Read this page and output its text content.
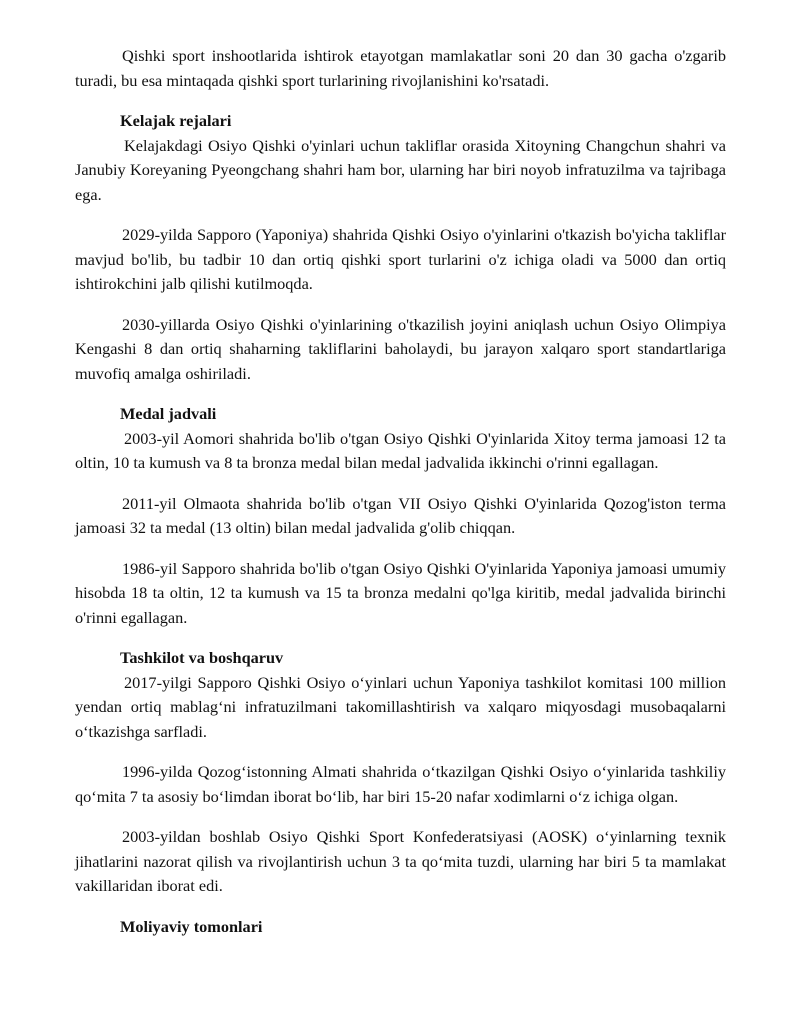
Qishki sport inshootlarida ishtirok etayotgan mamlakatlar soni 20 dan 30 gacha o'zgarib turadi, bu esa mintaqada qishki sport turlarining rivojlanishini ko'rsatadi.

Kelajak rejalari

Kelajakdagi Osiyo Qishki o'yinlari uchun takliflar orasida Xitoyning Changchun shahri va Janubiy Koreyaning Pyeongchang shahri ham bor, ularning har biri noyob infratuzilma va tajribaga ega.

2029-yilda Sapporo (Yaponiya) shahrida Qishki Osiyo o'yinlarini o'tkazish bo'yicha takliflar mavjud bo'lib, bu tadbir 10 dan ortiq qishki sport turlarini o'z ichiga oladi va 5000 dan ortiq ishtirokchini jalb qilishi kutilmoqda.

2030-yillarda Osiyo Qishki o'yinlarining o'tkazilish joyini aniqlash uchun Osiyo Olimpiya Kengashi 8 dan ortiq shaharning takliflarini baholaydi, bu jarayon xalqaro sport standartlariga muvofiq amalga oshiriladi.

Medal jadvali

2003-yil Aomori shahrida bo'lib o'tgan Osiyo Qishki O'yinlarida Xitoy terma jamoasi 12 ta oltin, 10 ta kumush va 8 ta bronza medal bilan medal jadvalida ikkinchi o'rinni egallagan.

2011-yil Olmaota shahrida bo'lib o'tgan VII Osiyo Qishki O'yinlarida Qozog'iston terma jamoasi 32 ta medal (13 oltin) bilan medal jadvalida g'olib chiqqan.

1986-yil Sapporo shahrida bo'lib o'tgan Osiyo Qishki O'yinlarida Yaponiya jamoasi umumiy hisobda 18 ta oltin, 12 ta kumush va 15 ta bronza medalni qo'lga kiritib, medal jadvalida birinchi o'rinni egallagan.

Tashkilot va boshqaruv

2017-yilgi Sapporo Qishki Osiyo o‘yinlari uchun Yaponiya tashkilot komitasi 100 million yendan ortiq mablag‘ni infratuzilmani takomillashtirish va xalqaro miqyosdagi musobaqalarni o‘tkazishga sarfladi.

1996-yilda Qozog‘istonning Almati shahrida o‘tkazilgan Qishki Osiyo o‘yinlarida tashkiliy qo‘mita 7 ta asosiy bo‘limdan iborat bo‘lib, har biri 15-20 nafar xodimlarni o‘z ichiga olgan.

2003-yildan boshlab Osiyo Qishki Sport Konfederatsiyasi (AOSK) o‘yinlarning texnik jihatlarini nazorat qilish va rivojlantirish uchun 3 ta qo‘mita tuzdi, ularning har biri 5 ta mamlakat vakillaridan iborat edi.

Moliyaviy tomonlari
